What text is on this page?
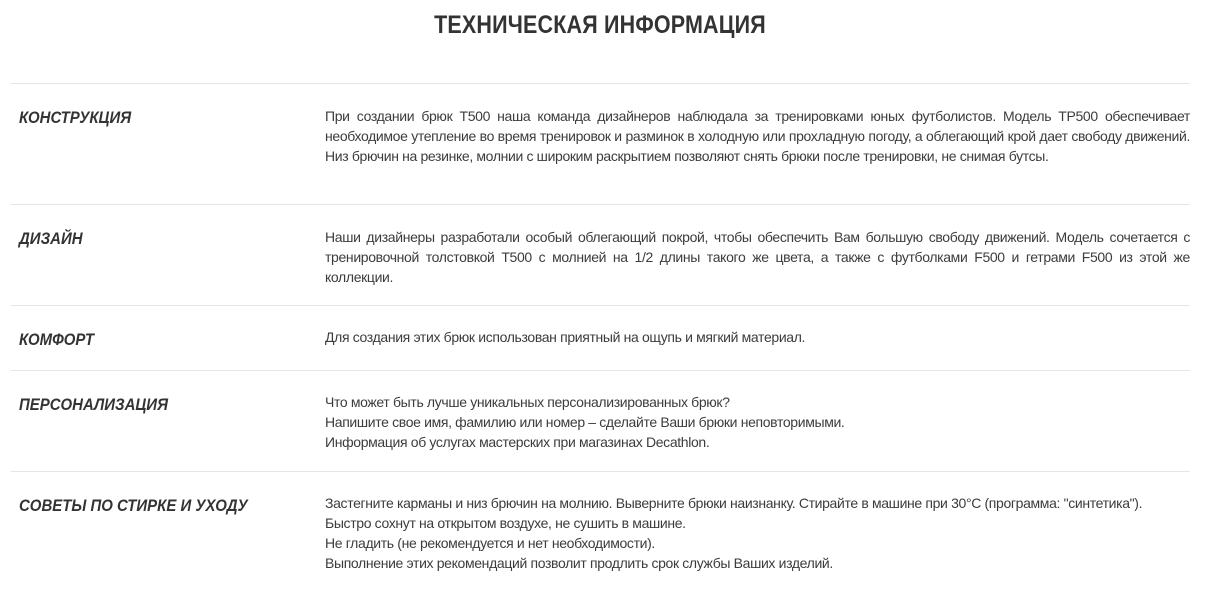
ТЕХНИЧЕСКАЯ ИНФОРМАЦИЯ
КОНСТРУКЦИЯ	При создании брюк Т500 наша команда дизайнеров наблюдала за тренировками юных футболистов. Модель ТР500 обеспечивает необходимое утепление во время тренировок и разминок в холодную или прохладную погоду, а облегающий крой дает свободу движений. Низ брючин на резинке, молнии с широким раскрытием позволяют снять брюки после тренировки, не снимая бутсы.
ДИЗАЙН	Наши дизайнеры разработали особый облегающий покрой, чтобы обеспечить Вам большую свободу движений. Модель сочетается с тренировочной толстовкой Т500 с молнией на 1/2 длины такого же цвета, а также с футболками F500 и гетрами F500 из этой же коллекции.
КОМФОРТ	Для создания этих брюк использован приятный на ощупь и мягкий материал.
ПЕРСОНАЛИЗАЦИЯ	Что может быть лучше уникальных персонализированных брюк?
Напишите свое имя, фамилию или номер – сделайте Ваши брюки неповторимыми.
Информация об услугах мастерских при магазинах Decathlon.
СОВЕТЫ ПО СТИРКЕ И УХОДУ	Застегните карманы и низ брючин на молнию. Выверните брюки наизнанку. Стирайте в машине при 30°C (программа: "синтетика").
Быстро сохнут на открытом воздухе, не сушить в машине.
Не гладить (не рекомендуется и нет необходимости).
Выполнение этих рекомендаций позволит продлить срок службы Ваших изделий.
